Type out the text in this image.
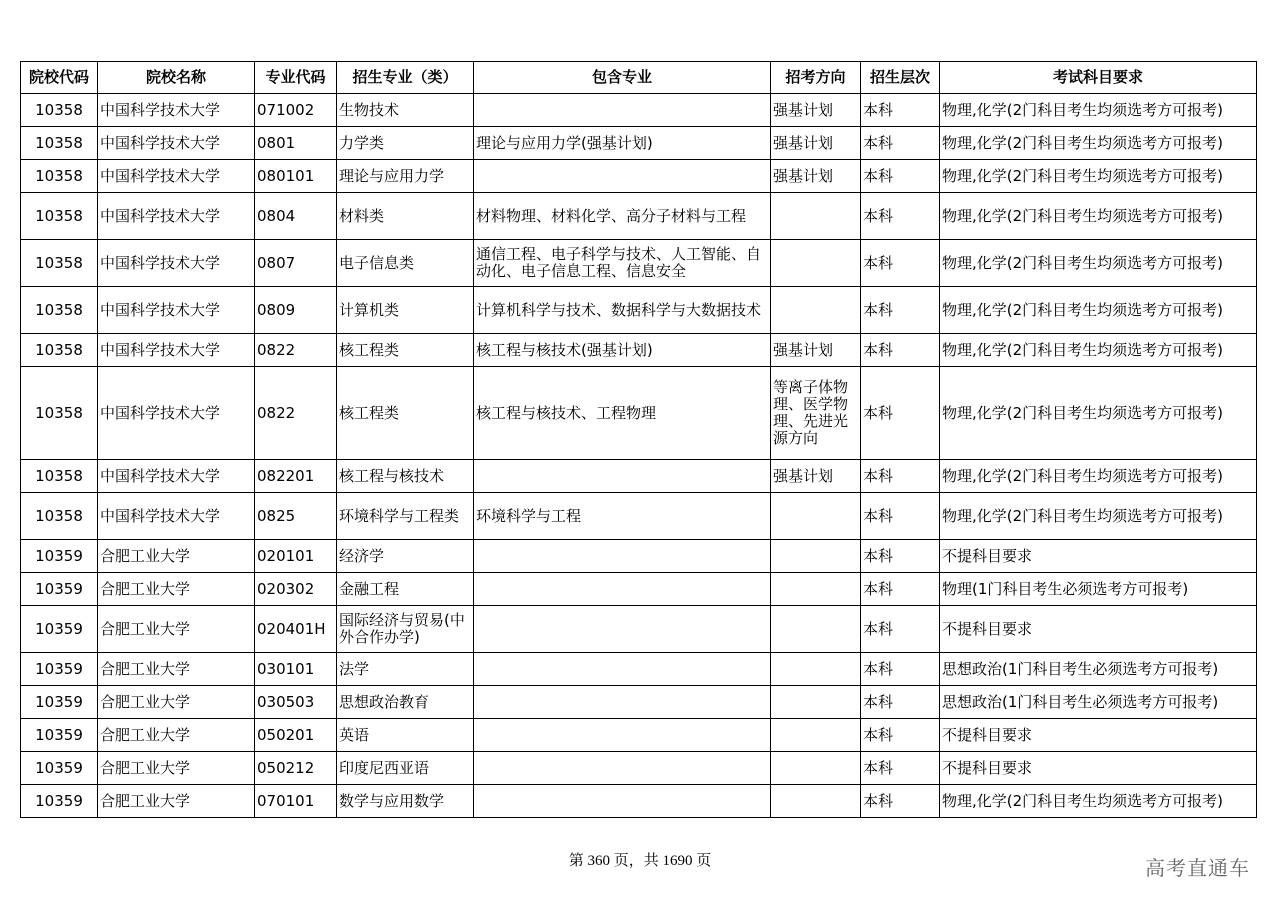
院校代码	院校名称	专业代码	招生专业（类）	包含专业	招考方向	招生层次	考试科目要求
10358	中国科学技术大学	071002	生物技术		强基计划	本科	物理,化学(2门科目考生均须选考方可报考)
10358	中国科学技术大学	0801	力学类	理论与应用力学(强基计划)	强基计划	本科	物理,化学(2门科目考生均须选考方可报考)
10358	中国科学技术大学	080101	理论与应用力学		强基计划	本科	物理,化学(2门科目考生均须选考方可报考)
10358	中国科学技术大学	0804	材料类	材料物理、材料化学、高分子材料与工程		本科	物理,化学(2门科目考生均须选考方可报考)
10358	中国科学技术大学	0807	电子信息类	通信工程、电子科学与技术、人工智能、自动化、电子信息工程、信息安全		本科	物理,化学(2门科目考生均须选考方可报考)
10358	中国科学技术大学	0809	计算机类	计算机科学与技术、数据科学与大数据技术		本科	物理,化学(2门科目考生均须选考方可报考)
10358	中国科学技术大学	0822	核工程类	核工程与核技术(强基计划)	强基计划	本科	物理,化学(2门科目考生均须选考方可报考)
10358	中国科学技术大学	0822	核工程类	核工程与核技术、工程物理	等离子体物理、医学物理、先进光源方向	本科	物理,化学(2门科目考生均须选考方可报考)
10358	中国科学技术大学	082201	核工程与核技术		强基计划	本科	物理,化学(2门科目考生均须选考方可报考)
10358	中国科学技术大学	0825	环境科学与工程类	环境科学与工程		本科	物理,化学(2门科目考生均须选考方可报考)
10359	合肥工业大学	020101	经济学			本科	不提科目要求
10359	合肥工业大学	020302	金融工程			本科	物理(1门科目考生必须选考方可报考)
10359	合肥工业大学	020401H	国际经济与贸易(中外合作办学)			本科	不提科目要求
10359	合肥工业大学	030101	法学			本科	思想政治(1门科目考生必须选考方可报考)
10359	合肥工业大学	030503	思想政治教育			本科	思想政治(1门科目考生必须选考方可报考)
10359	合肥工业大学	050201	英语			本科	不提科目要求
10359	合肥工业大学	050212	印度尼西亚语			本科	不提科目要求
10359	合肥工业大学	070101	数学与应用数学			本科	物理,化学(2门科目考生均须选考方可报考)
第 360 页，共 1690 页	高考直通车
